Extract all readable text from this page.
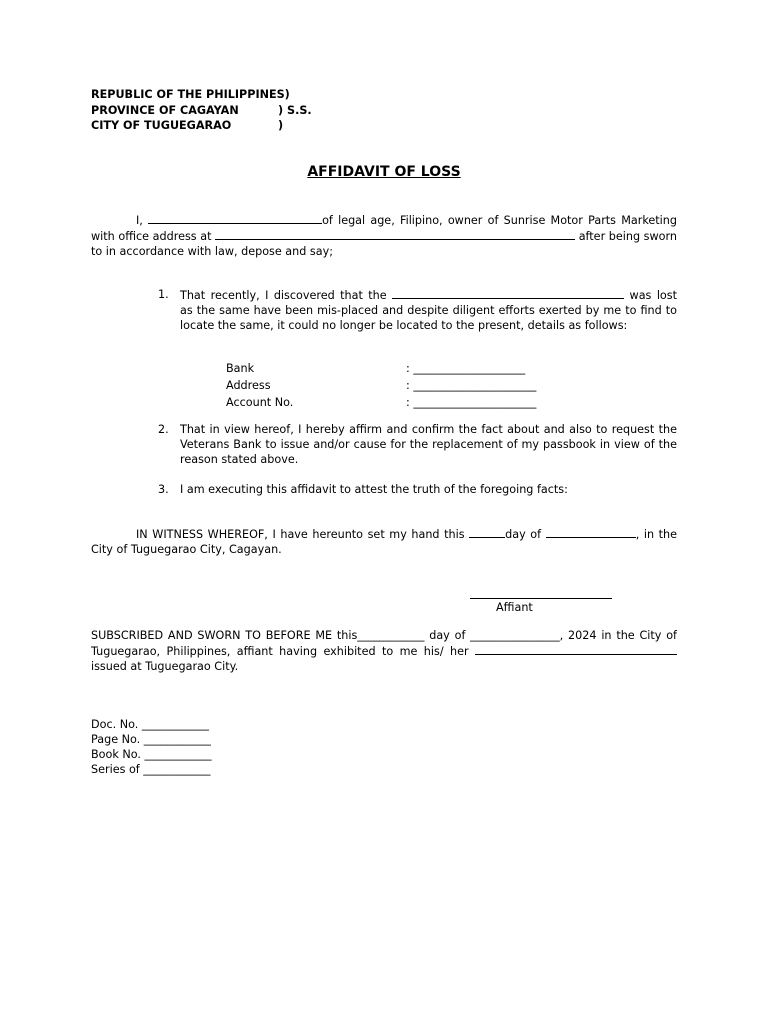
REPUBLIC OF THE PHILIPPINES)
PROVINCE OF CAGAYAN	) S.S.
CITY OF TUGUEGARAO	)
AFFIDAVIT OF LOSS
I,	of legal age, Filipino, owner of Sunrise Motor Parts Marketing with office address at	after being sworn to in accordance with law, depose and say;
1. That recently, I discovered that the	was lost as the same have been mis-placed and despite diligent efforts exerted by me to find to locate the same, it could no longer be located to the present, details as follows:
Bank	: ____________________
Address	: ______________________
Account No.	: ______________________
2. That in view hereof, I hereby affirm and confirm the fact about and also to request the Veterans Bank to issue and/or cause for the replacement of my passbook in view of the reason stated above.
3. I am executing this affidavit to attest the truth of the foregoing facts:
IN WITNESS WHEREOF, I have hereunto set my hand this	day of	, in the City of Tuguegarao City, Cagayan.
Affiant
SUBSCRIBED AND SWORN TO BEFORE ME this____________ day of ________________, 2024 in the City of Tuguegarao, Philippines, affiant having exhibited to me his/ her issued at Tuguegarao City.
Doc. No. ____________
Page No. ____________
Book No. ____________
Series of ____________
